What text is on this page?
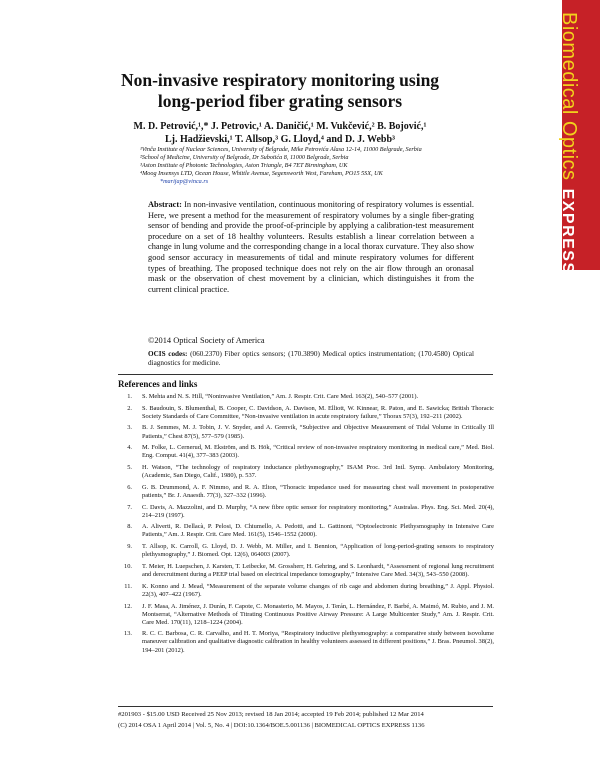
Biomedical OpticsEXPRESS
Non-invasive respiratory monitoring using
long-period fiber grating sensors
M. D. Petrović,¹,* J. Petrovic,¹ A. Daničić,¹ M. Vukčević,² B. Bojović,¹
Lj. Hadžievski,¹ T. Allsop,³ G. Lloyd,⁴ and D. J. Webb³
¹Vinča Institute of Nuclear Sciences, University of Belgrade, Mike Petrovića Alasa 12-14, 11000 Belgrade, Serbia
²School of Medicine, University of Belgrade, Dr Subotića 8, 11000 Belgrade, Serbia
³Aston Institute of Photonic Technologies, Aston Triangle, B4 7ET Birmingham, UK
⁴Moog Insensys LTD, Ocean House, Whittle Avenue, Segensworth West, Fareham, PO15 5SX, UK
*marijap@vinca.rs
Abstract: In non-invasive ventilation, continuous monitoring of respiratory volumes is essential. Here, we present a method for the measurement of respiratory volumes by a single fiber-grating sensor of bending and provide the proof-of-principle by applying a calibration-test measurement procedure on a set of 18 healthy volunteers. Results establish a linear correlation between a change in lung volume and the corresponding change in a local thorax curvature. They also show good sensor accuracy in measurements of tidal and minute respiratory volumes for different types of breathing. The proposed technique does not rely on the air flow through an oronasal mask or the observation of chest movement by a clinician, which distinguishes it from the current clinical practice.
©2014 Optical Society of America
OCIS codes: (060.2370) Fiber optics sensors; (170.3890) Medical optics instrumentation; (170.4580) Optical diagnostics for medicine.
References and links
1. S. Mehta and N. S. Hill, “Noninvasive Ventilation,” Am. J. Respir. Crit. Care Med. 163(2), 540–577 (2001).
2. S. Baudouin, S. Blumenthal, B. Cooper, C. Davidson, A. Davison, M. Elliott, W. Kinnear, R. Paton, and E. Sawicka; British Thoracic Society Standards of Care Committee, “Non-invasive ventilation in acute respiratory failure,” Thorax 57(3), 192–211 (2002).
3. B. J. Semmes, M. J. Tobin, J. V. Snyder, and A. Grenvik, “Subjective and Objective Measurement of Tidal Volume in Critically Ill Patients,” Chest 87(5), 577–579 (1985).
4. M. Folke, L. Cernerud, M. Ekström, and B. Hök, “Critical review of non-invasive respiratory monitoring in medical care,” Med. Biol. Eng. Comput. 41(4), 377–383 (2003).
5. H. Watson, “The technology of respiratory inductance plethysmography,” ISAM Proc. 3rd Intl. Symp. Ambulatory Monitoring, (Academic, San Diego, Calif., 1980), p. 537.
6. G. B. Drummond, A. F. Nimmo, and R. A. Elton, “Thoracic impedance used for measuring chest wall movement in postoperative patients,” Br. J. Anaesth. 77(3), 327–332 (1996).
7. C. Davis, A. Mazzolini, and D. Murphy, “A new fibre optic sensor for respiratory monitoring,” Australas. Phys. Eng. Sci. Med. 20(4), 214–219 (1997).
8. A. Aliverti, R. Dellacà, P. Pelosi, D. Chiumello, A. Pedotti, and L. Gattinoni, “Optoelectronic Plethysmography in Intensive Care Patients,” Am. J. Respir. Crit. Care Med. 161(5), 1546–1552 (2000).
9. T. Allsop, K. Carroll, G. Lloyd, D. J. Webb, M. Miller, and I. Bennion, “Application of long-period-grating sensors to respiratory plethysmography,” J. Biomed. Opt. 12(6), 064003 (2007).
10. T. Meier, H. Luepschen, J. Karsten, T. Leibecke, M. Grossherr, H. Gehring, and S. Leonhardt, “Assessment of regional lung recruitment and derecruitment during a PEEP trial based on electrical impedance tomography,” Intensive Care Med. 34(3), 543–550 (2008).
11. K. Konno and J. Mead, “Measurement of the separate volume changes of rib cage and abdomen during breathing,” J. Appl. Physiol. 22(3), 407–422 (1967).
12. J. F. Masa, A. Jiménez, J. Durán, F. Capote, C. Monasterio, M. Mayos, J. Terán, L. Hernández, F. Barbé, A. Maimó, M. Rubio, and J. M. Montserrat, “Alternative Methods of Titrating Continuous Positive Airway Pressure: A Large Multicenter Study,” Am. J. Respir. Crit. Care Med. 170(11), 1218–1224 (2004).
13. R. C. C. Barbosa, C. R. Carvalho, and H. T. Moriya, “Respiratory inductive plethysmography: a comparative study between isovolume maneuver calibration and qualitative diagnostic calibration in healthy volunteers assessed in different positions,” J. Bras. Pneumol. 38(2), 194–201 (2012).
#201903 - $15.00 USD Received 25 Nov 2013; revised 18 Jan 2014; accepted 19 Feb 2014; published 12 Mar 2014
(C) 2014 OSA 1 April 2014 | Vol. 5, No. 4 | DOI:10.1364/BOE.5.001136 | BIOMEDICAL OPTICS EXPRESS 1136
